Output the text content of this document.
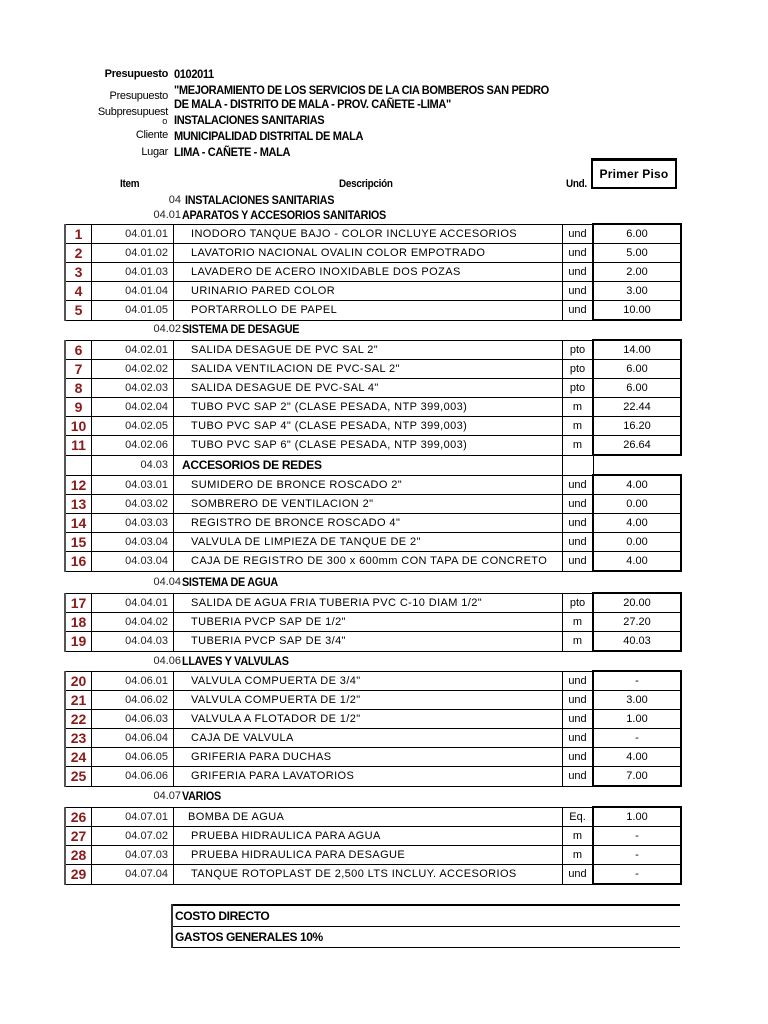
Presupuesto 0102011
Presupuesto "MEJORAMIENTO DE LOS SERVICIOS DE LA CIA BOMBEROS SAN PEDRO
DE MALA - DISTRITO DE MALA - PROV. CAÑETE -LIMA"
Subpresupuest
o INSTALACIONES SANITARIAS
Cliente MUNICIPALIDAD DISTRITAL DE MALA
Lugar LIMA - CAÑETE - MALA
Item	Descripción	Und.
Primer Piso
04 INSTALACIONES SANITARIAS
04.01 APARATOS Y ACCESORIOS SANITARIOS
1	04.01.01	INODORO TANQUE BAJO - COLOR INCLUYE ACCESORIOS	und	6.00
2	04.01.02	LAVATORIO NACIONAL OVALIN COLOR EMPOTRADO	und	5.00
3	04.01.03	LAVADERO DE ACERO INOXIDABLE DOS POZAS	und	2.00
4	04.01.04	URINARIO PARED COLOR	und	3.00
5	04.01.05	PORTARROLLO DE PAPEL	und	10.00
04.02 SISTEMA DE DESAGUE
6	04.02.01	SALIDA DESAGUE DE PVC SAL 2"	pto	14.00
7	04.02.02	SALIDA VENTILACION DE PVC-SAL 2"	pto	6.00
8	04.02.03	SALIDA DESAGUE DE PVC-SAL 4"	pto	6.00
9	04.02.04	TUBO PVC SAP 2" (CLASE PESADA, NTP 399,003)	m	22.44
10	04.02.05	TUBO PVC SAP 4" (CLASE PESADA, NTP 399,003)	m	16.20
11	04.02.06	TUBO PVC SAP 6" (CLASE PESADA, NTP 399,003)	m	26.64
	04.03	ACCESORIOS DE REDES		
12	04.03.01	SUMIDERO DE BRONCE ROSCADO 2"	und	4.00
13	04.03.02	SOMBRERO DE VENTILACION 2"	und	0.00
14	04.03.03	REGISTRO DE BRONCE ROSCADO 4"	und	4.00
15	04.03.04	VALVULA DE LIMPIEZA DE TANQUE DE 2"	und	0.00
16	04.03.04	CAJA DE REGISTRO DE 300 x 600mm CON TAPA DE CONCRETO	und	4.00
04.04 SISTEMA DE AGUA
17	04.04.01	SALIDA DE AGUA FRIA TUBERIA PVC C-10 DIAM 1/2"	pto	20.00
18	04.04.02	TUBERIA PVCP SAP DE 1/2"	m	27.20
19	04.04.03	TUBERIA PVCP SAP DE 3/4"	m	40.03
04.06 LLAVES Y VALVULAS
20	04.06.01	VALVULA COMPUERTA DE 3/4"	und	-
21	04.06.02	VALVULA COMPUERTA DE 1/2"	und	3.00
22	04.06.03	VALVULA A FLOTADOR DE 1/2"	und	1.00
23	04.06.04	CAJA DE VALVULA	und	-
24	04.06.05	GRIFERIA PARA DUCHAS	und	4.00
25	04.06.06	GRIFERIA PARA LAVATORIOS	und	7.00
04.07 VARIOS
26	04.07.01	BOMBA DE AGUA	Eq.	1.00
27	04.07.02	PRUEBA HIDRAULICA PARA AGUA	m	-
28	04.07.03	PRUEBA HIDRAULICA PARA DESAGUE	m	-
29	04.07.04	TANQUE ROTOPLAST DE 2,500 LTS INCLUY. ACCESORIOS	und	-
COSTO DIRECTO
GASTOS GENERALES 10%
